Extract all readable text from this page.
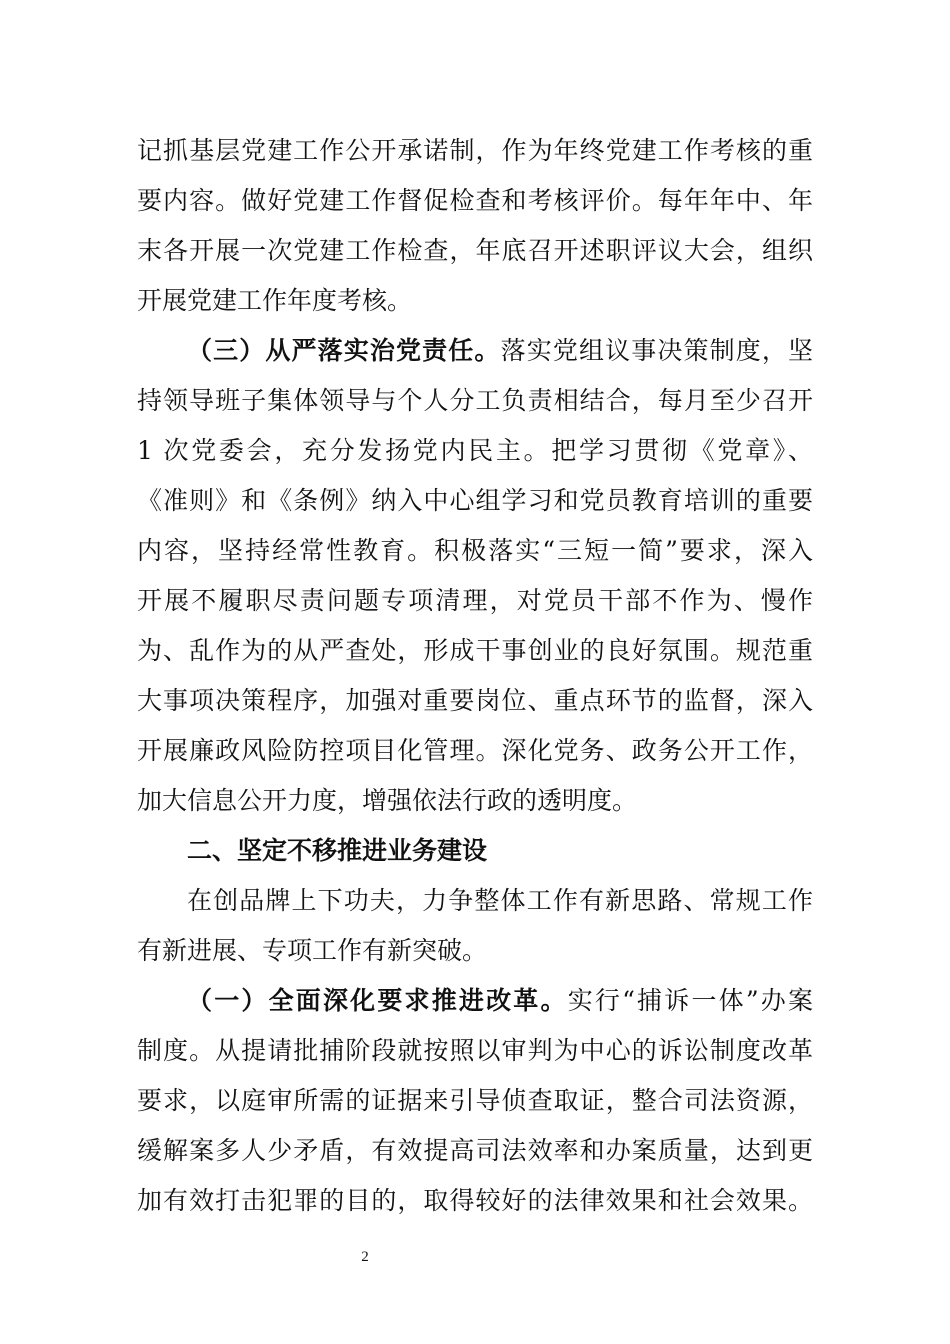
记抓基层党建工作公开承诺制，作为年终党建工作考核的重
要内容。做好党建工作督促检查和考核评价。每年年中、年
末各开展一次党建工作检查，年底召开述职评议大会，组织
开展党建工作年度考核。
（三）从严落实治党责任。落实党组议事决策制度，坚
持领导班子集体领导与个人分工负责相结合，每月至少召开
1 次党委会，充分发扬党内民主。把学习贯彻《党章》、
《准则》和《条例》纳入中心组学习和党员教育培训的重要
内容，坚持经常性教育。积极落实“三短一简”要求，深入
开展不履职尽责问题专项清理，对党员干部不作为、慢作
为、乱作为的从严查处，形成干事创业的良好氛围。规范重
大事项决策程序，加强对重要岗位、重点环节的监督，深入
开展廉政风险防控项目化管理。深化党务、政务公开工作，
加大信息公开力度，增强依法行政的透明度。
二、坚定不移推进业务建设
在创品牌上下功夫，力争整体工作有新思路、常规工作
有新进展、专项工作有新突破。
（一）全面深化要求推进改革。实行“捕诉一体”办案
制度。从提请批捕阶段就按照以审判为中心的诉讼制度改革
要求，以庭审所需的证据来引导侦查取证，整合司法资源，
缓解案多人少矛盾，有效提高司法效率和办案质量，达到更
加有效打击犯罪的目的，取得较好的法律效果和社会效果。
2
